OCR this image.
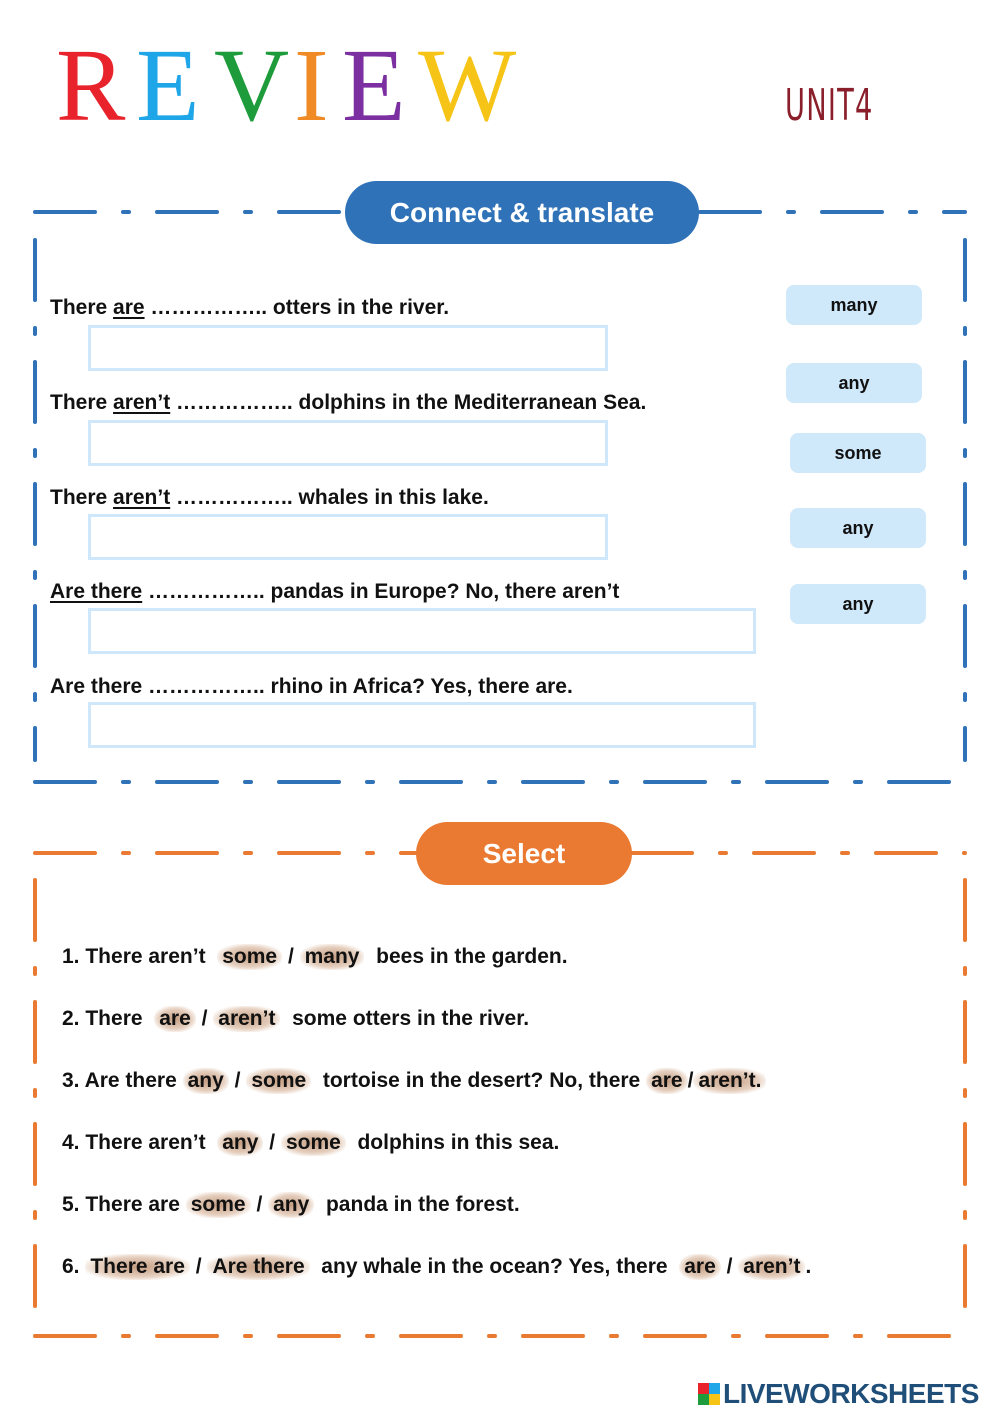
R E V I E W	UNIT4
Connect & translate
Select
There are …………….. otters in the river.
There aren’t …………….. dolphins in the Mediterranean Sea.
There aren’t …………….. whales in this lake.
Are there …………….. pandas in Europe? No, there aren’t
Are there …………….. rhino in Africa? Yes, there are.
many
any
some
any
any
1. There aren’t  some / many  bees in the garden.
2. There  are / aren’t  some otters in the river.
3. Are there any / some  tortoise in the desert? No, there are / aren’t.
4. There aren’t  any / some  dolphins in this sea.
5. There are some / any  panda in the forest.
6. There are / Are there  any whale in the ocean? Yes, there  are / aren’t .
LIVEWORKSHEETS
